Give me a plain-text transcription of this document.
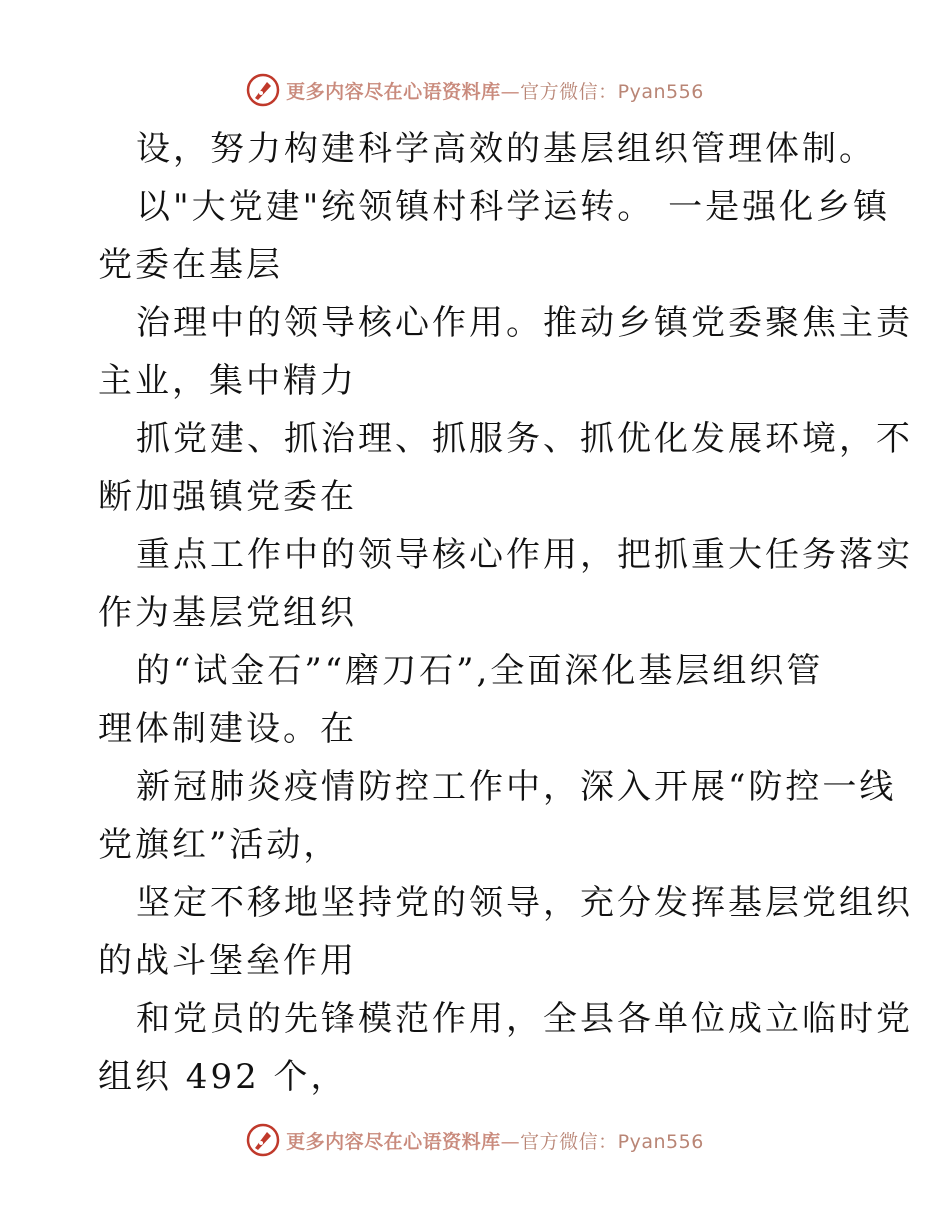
更多内容尽在心语资料库—官方微信：Pyan556

设，努力构建科学高效的基层组织管理体制。

以"大党建"统领镇村科学运转。 一是强化乡镇

党委在基层

治理中的领导核心作用。推动乡镇党委聚焦主责

主业，集中精力

抓党建、抓治理、抓服务、抓优化发展环境，不

断加强镇党委在

重点工作中的领导核心作用，把抓重大任务落实

作为基层党组织

的“试金石”“磨刀石”,全面深化基层组织管

理体制建设。在

新冠肺炎疫情防控工作中，深入开展“防控一线

党旗红”活动，

坚定不移地坚持党的领导，充分发挥基层党组织

的战斗堡垒作用

和党员的先锋模范作用，全县各单位成立临时党

组织 492 个，

更多内容尽在心语资料库—官方微信：Pyan556
